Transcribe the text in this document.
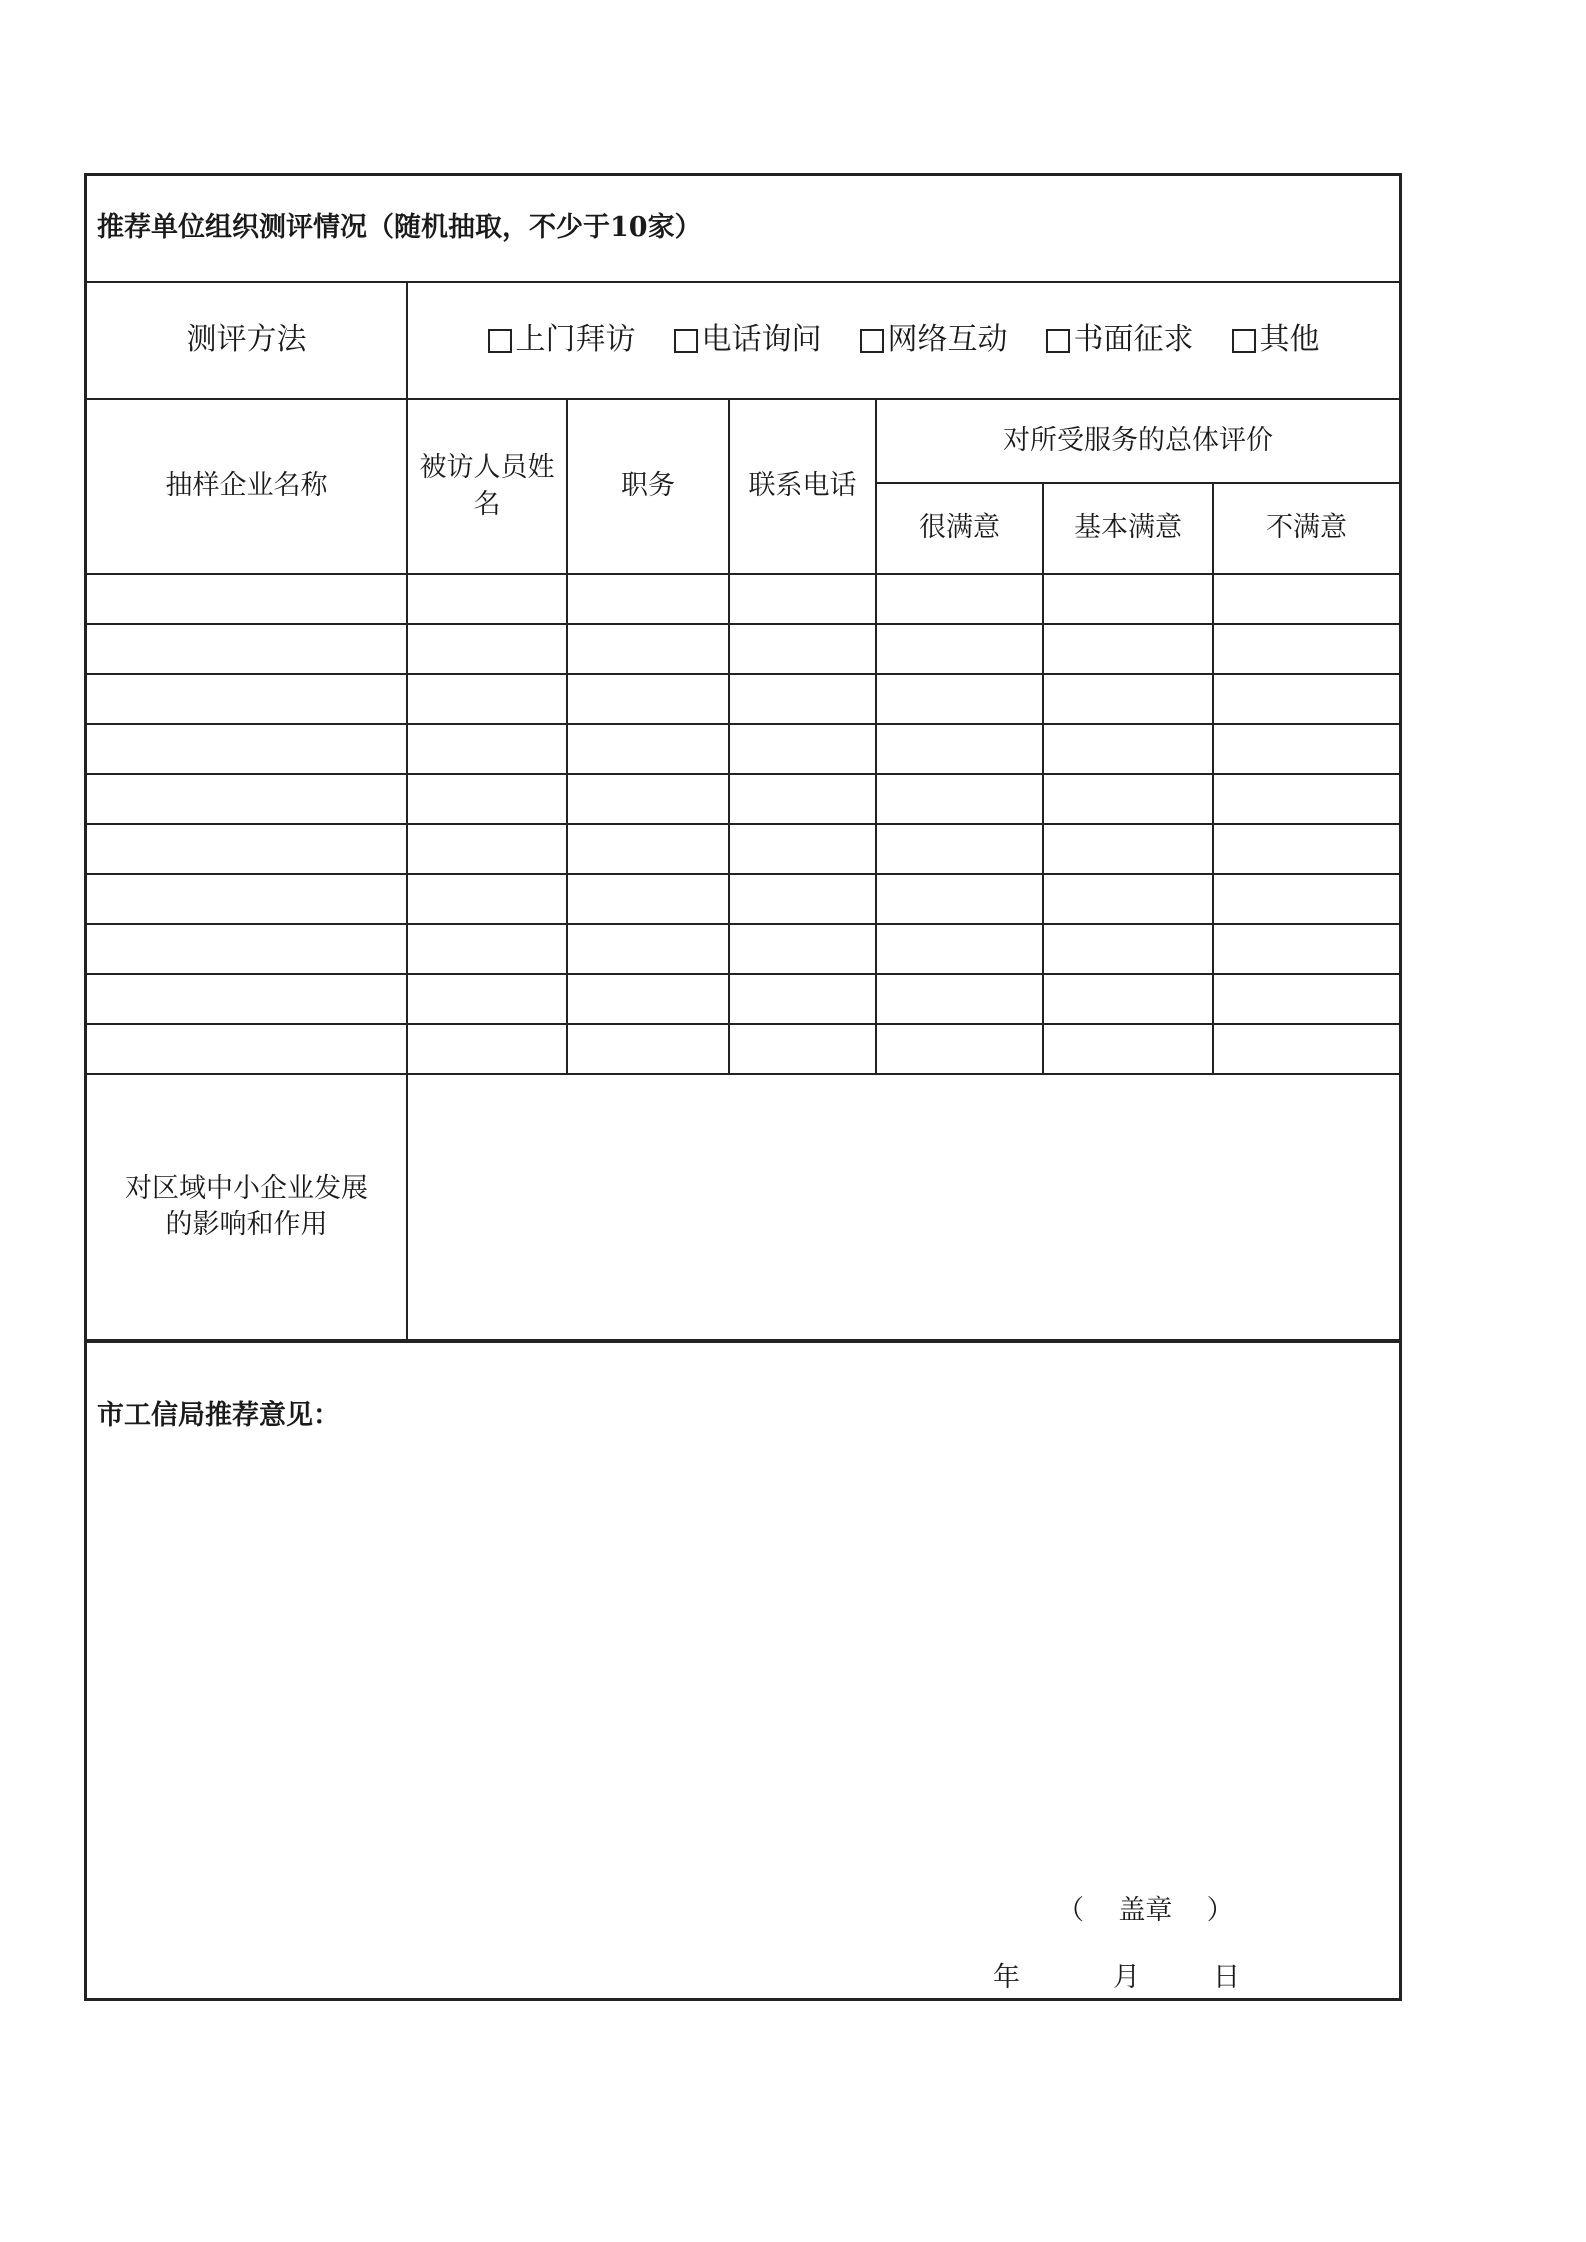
推荐单位组织测评情况（随机抽取，不少于10家）						
测评方法	上门拜访 电话询问 网络互动 书面征求 其他					

抽样企业名称	被访人员姓名	职务	联系电话	对所受服务的总体评价		
				很满意	基本满意	不满意

对区域中小企业发展的影响和作用						

市工信局推荐意见：
（    盖章    ）
年	月	日
